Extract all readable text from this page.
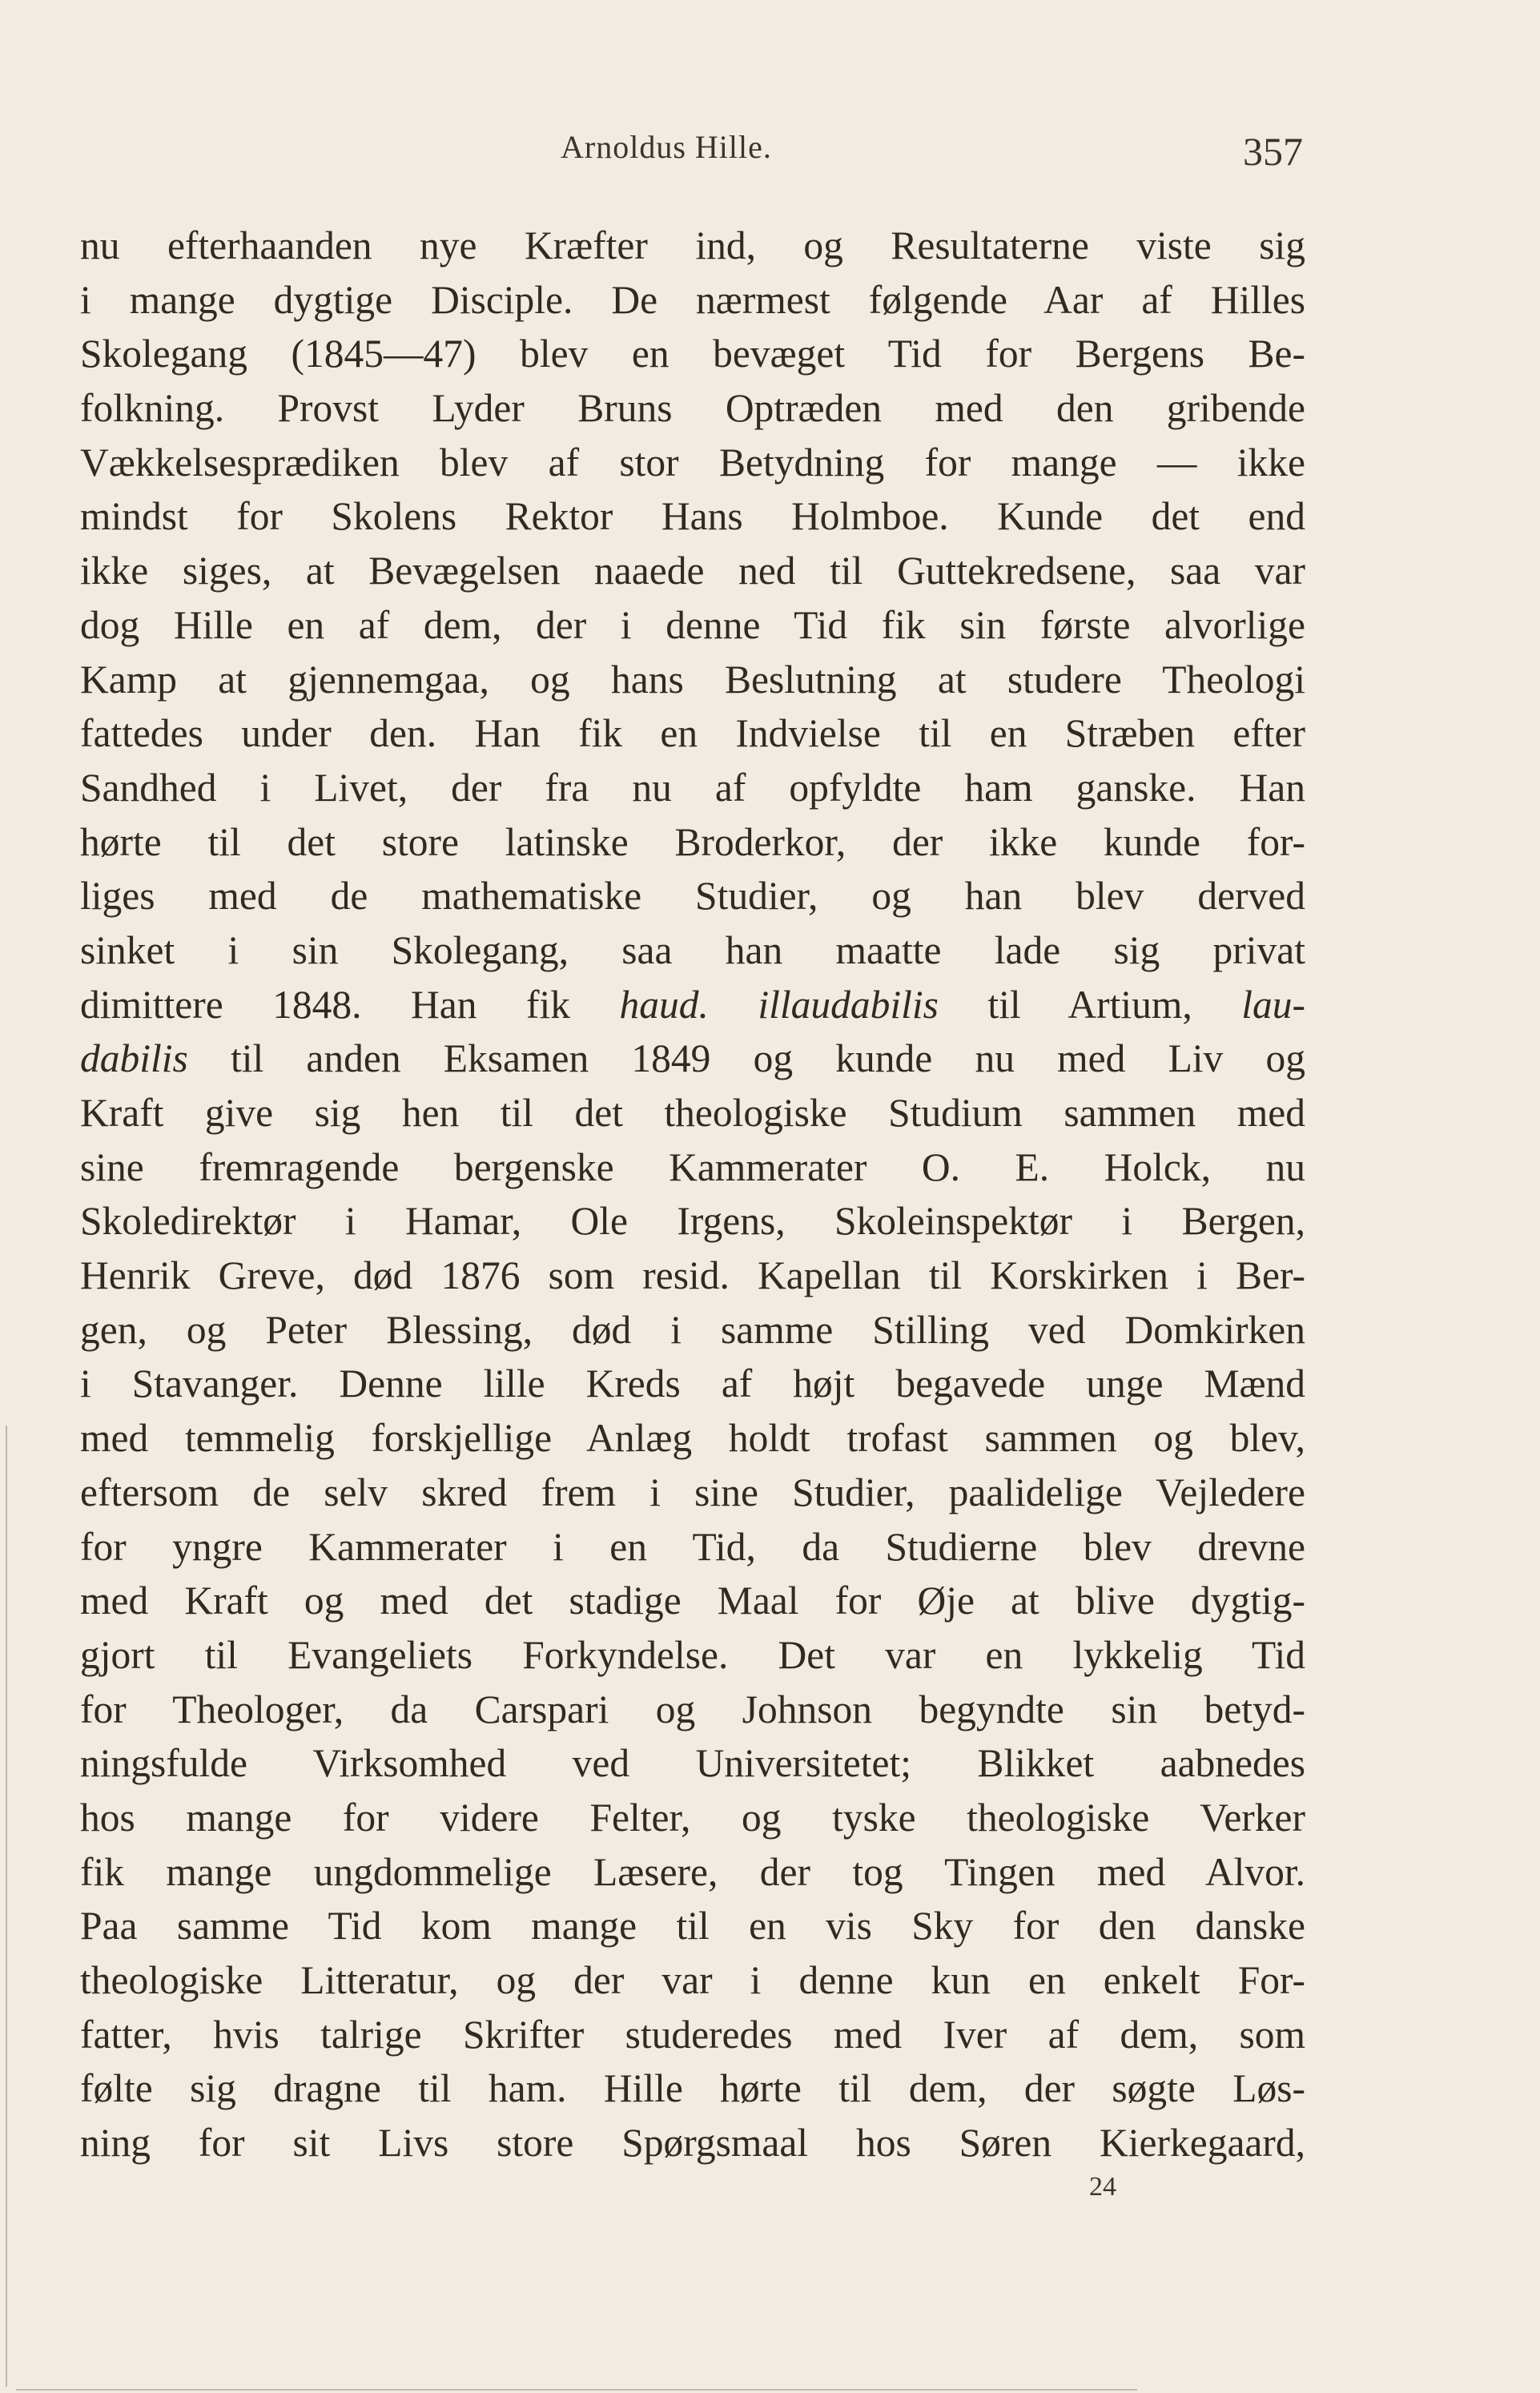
Arnoldus Hille.	357
nu efterhaanden nye Kræfter ind, og Resultaterne viste sig
i mange dygtige Disciple. De nærmest følgende Aar af Hilles
Skolegang (1845—47) blev en bevæget Tid for Bergens Be-
folkning. Provst Lyder Bruns Optræden med den gribende
Vækkelsesprædiken blev af stor Betydning for mange — ikke
mindst for Skolens Rektor Hans Holmboe. Kunde det end
ikke siges, at Bevægelsen naaede ned til Guttekredsene, saa var
dog Hille en af dem, der i denne Tid fik sin første alvorlige
Kamp at gjennemgaa, og hans Beslutning at studere Theologi
fattedes under den. Han fik en Indvielse til en Stræben efter
Sandhed i Livet, der fra nu af opfyldte ham ganske. Han
hørte til det store latinske Broderkor, der ikke kunde for-
liges med de mathematiske Studier, og han blev derved
sinket i sin Skolegang, saa han maatte lade sig privat
dimittere 1848. Han fik haud. illaudabilis til Artium, lau-
dabilis til anden Eksamen 1849 og kunde nu med Liv og
Kraft give sig hen til det theologiske Studium sammen med
sine fremragende bergenske Kammerater O. E. Holck, nu
Skoledirektør i Hamar, Ole Irgens, Skoleinspektør i Bergen,
Henrik Greve, død 1876 som resid. Kapellan til Korskirken i Ber-
gen, og Peter Blessing, død i samme Stilling ved Domkirken
i Stavanger. Denne lille Kreds af højt begavede unge Mænd
med temmelig forskjellige Anlæg holdt trofast sammen og blev,
eftersom de selv skred frem i sine Studier, paalidelige Vejledere
for yngre Kammerater i en Tid, da Studierne blev drevne
med Kraft og med det stadige Maal for Øje at blive dygtig-
gjort til Evangeliets Forkyndelse. Det var en lykkelig Tid
for Theologer, da Carspari og Johnson begyndte sin betyd-
ningsfulde Virksomhed ved Universitetet; Blikket aabnedes
hos mange for videre Felter, og tyske theologiske Verker
fik mange ungdommelige Læsere, der tog Tingen med Alvor.
Paa samme Tid kom mange til en vis Sky for den danske
theologiske Litteratur, og der var i denne kun en enkelt For-
fatter, hvis talrige Skrifter studeredes med Iver af dem, som
følte sig dragne til ham. Hille hørte til dem, der søgte Løs-
ning for sit Livs store Spørgsmaal hos Søren Kierkegaard,
24
